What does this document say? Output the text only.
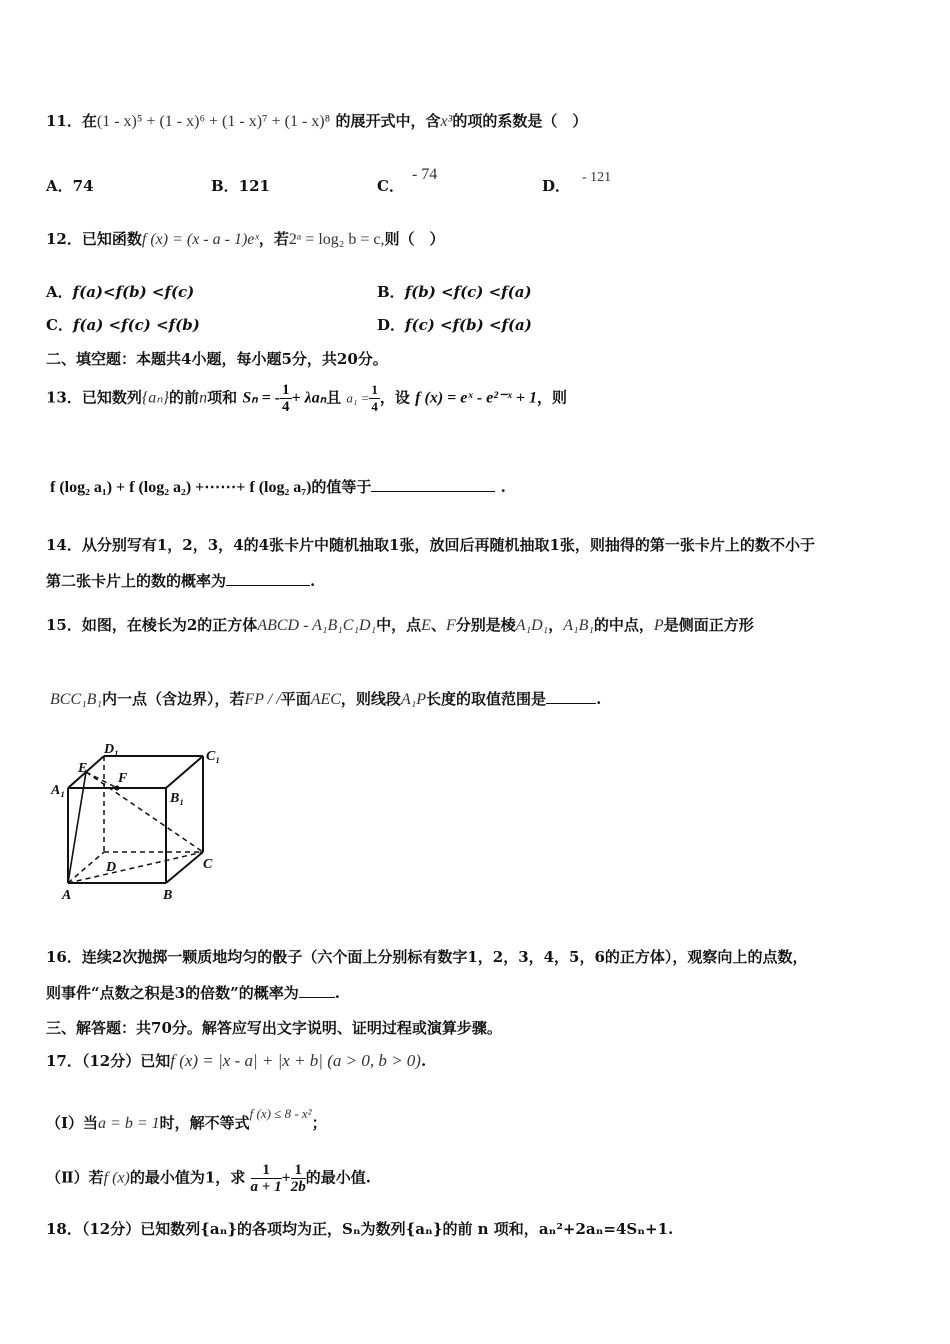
11．在(1 - x)⁵ + (1 - x)⁶ + (1 - x)⁷ + (1 - x)⁸ 的展开式中，含x³的项的系数是（　）
A．74	B．121	C．- 74
D． - 121
12．已知函数f (x) = (x - a - 1)eˣ，若2ᵃ = log₂ b = c,则（　）
A．f(a)<f(b) <f(c)	B．f(b) <f(c) <f(a)
C．f(a) <f(c) <f(b)	D．f(c) <f(b) <f(a)
二、填空题：本题共4小题，每小题5分，共20分。
13．已知数列{aₙ}的前n项和 Sₙ = - $\frac{1}{4} + \lambda a_n$且 $a_1 = \frac{1}{4}$ ，设 f (x) = eˣ - e²⁻ˣ + 1，则
f (log₂ a₁) + f (log₂ a₂) +⋯⋯+ f (log₂ a₇)的值等于	.
14．从分别写有1，2，3，4的4张卡片中随机抽取1张，放回后再随机抽取1张，则抽得的第一张卡片上的数不小于
第二张卡片上的数的概率为	.
15．如图，在棱长为2的正方体ABCD - A₁B₁C₁D₁中，点E、F分别是棱A₁D₁，A₁B₁的中点，P是侧面正方形
BCC₁B₁内一点（含边界），若FP / /平面AEC，则线段A₁P长度的取值范围是	.
D₁	C₁
E
F
A₁
B₁
D	C
A	B
16．连续2次抛掷一颗质地均匀的骰子（六个面上分别标有数字1，2，3，4，5，6的正方体），观察向上的点数，
则事件“点数之积是3的倍数”的概率为 .
三、解答题：共70分。解答应写出文字说明、证明过程或演算步骤。
17．（12分）已知f (x) = |x - a| + |x + b| (a > 0, b > 0).
（Ⅰ）当a = b = 1时，解不等式f (x) ≤ 8 - x²；
（Ⅱ）若f (x)的最小值为1，求 $\frac{1}{a + 1} + \frac{1}{2b}$ 的最小值.
18．（12分）已知数列{aₙ}的各项均为正，Sₙ为数列{aₙ}的前 n 项和，aₙ²+2aₙ=4Sₙ+1.
